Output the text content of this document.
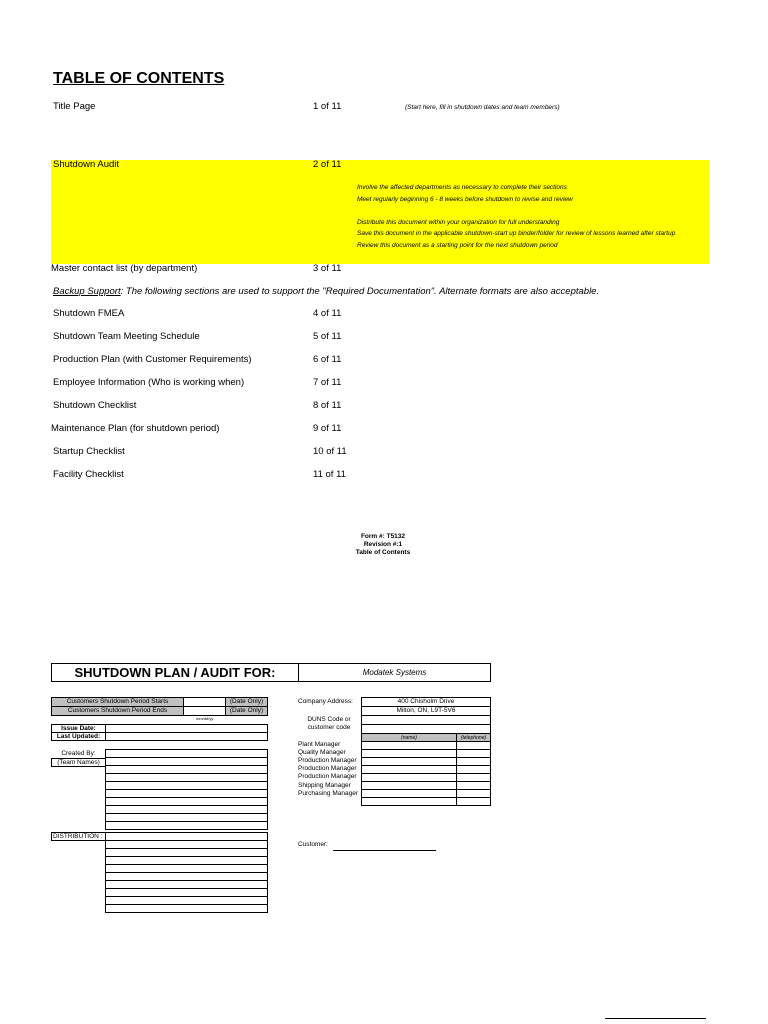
TABLE OF CONTENTS
Title Page	1 of 11	(Start here, fill in shutdown dates and team members)
Shutdown Audit	2 of 11
Involve the affected departments as necessary to complete their sections
Meet regularly beginning 6 - 8 weeks before shutdown to revise and review
Distribute this document within your organization for full understanding
Save this document in the applicable shutdown-start up binder/folder for review of lessons learned after startup
Review this document as a starting point for the next shutdown period
Master contact list (by department)	3 of 11
Backup Support: The following sections are used to support the "Required Documentation". Alternate formats are also acceptable.
Shutdown FMEA	4 of 11
Shutdown Team Meeting Schedule	5 of 11
Production Plan (with Customer Requirements)	6 of 11
Employee Information (Who is working when)	7 of 11
Shutdown Checklist	8 of 11
Maintenance Plan (for shutdown period)	9 of 11
Startup Checklist	10 of 11
Facility Checklist	11 of 11
Form #: T5132
Revision #:1
Table of Contents
SHUTDOWN PLAN / AUDIT FOR:	Modatek Systems
Customers Shutdown Period Starts	(Date Only)
Customers Shutdown Period Ends	(Date Only)
mm/dd/yy
Issue Date:
Last Updated:
Created By:
(Team Names)
DISTRIBUTION :
Company Address:	400 Chisholm Drive
Milton, ON, L9T-5V6
DUNS Code or
customer code
(name)	(telephone)
Plant Manager
Quality Manager
Production Manager
Production Manager
Production Manager
Shipping Manager
Purchasing Manager
Customer:
